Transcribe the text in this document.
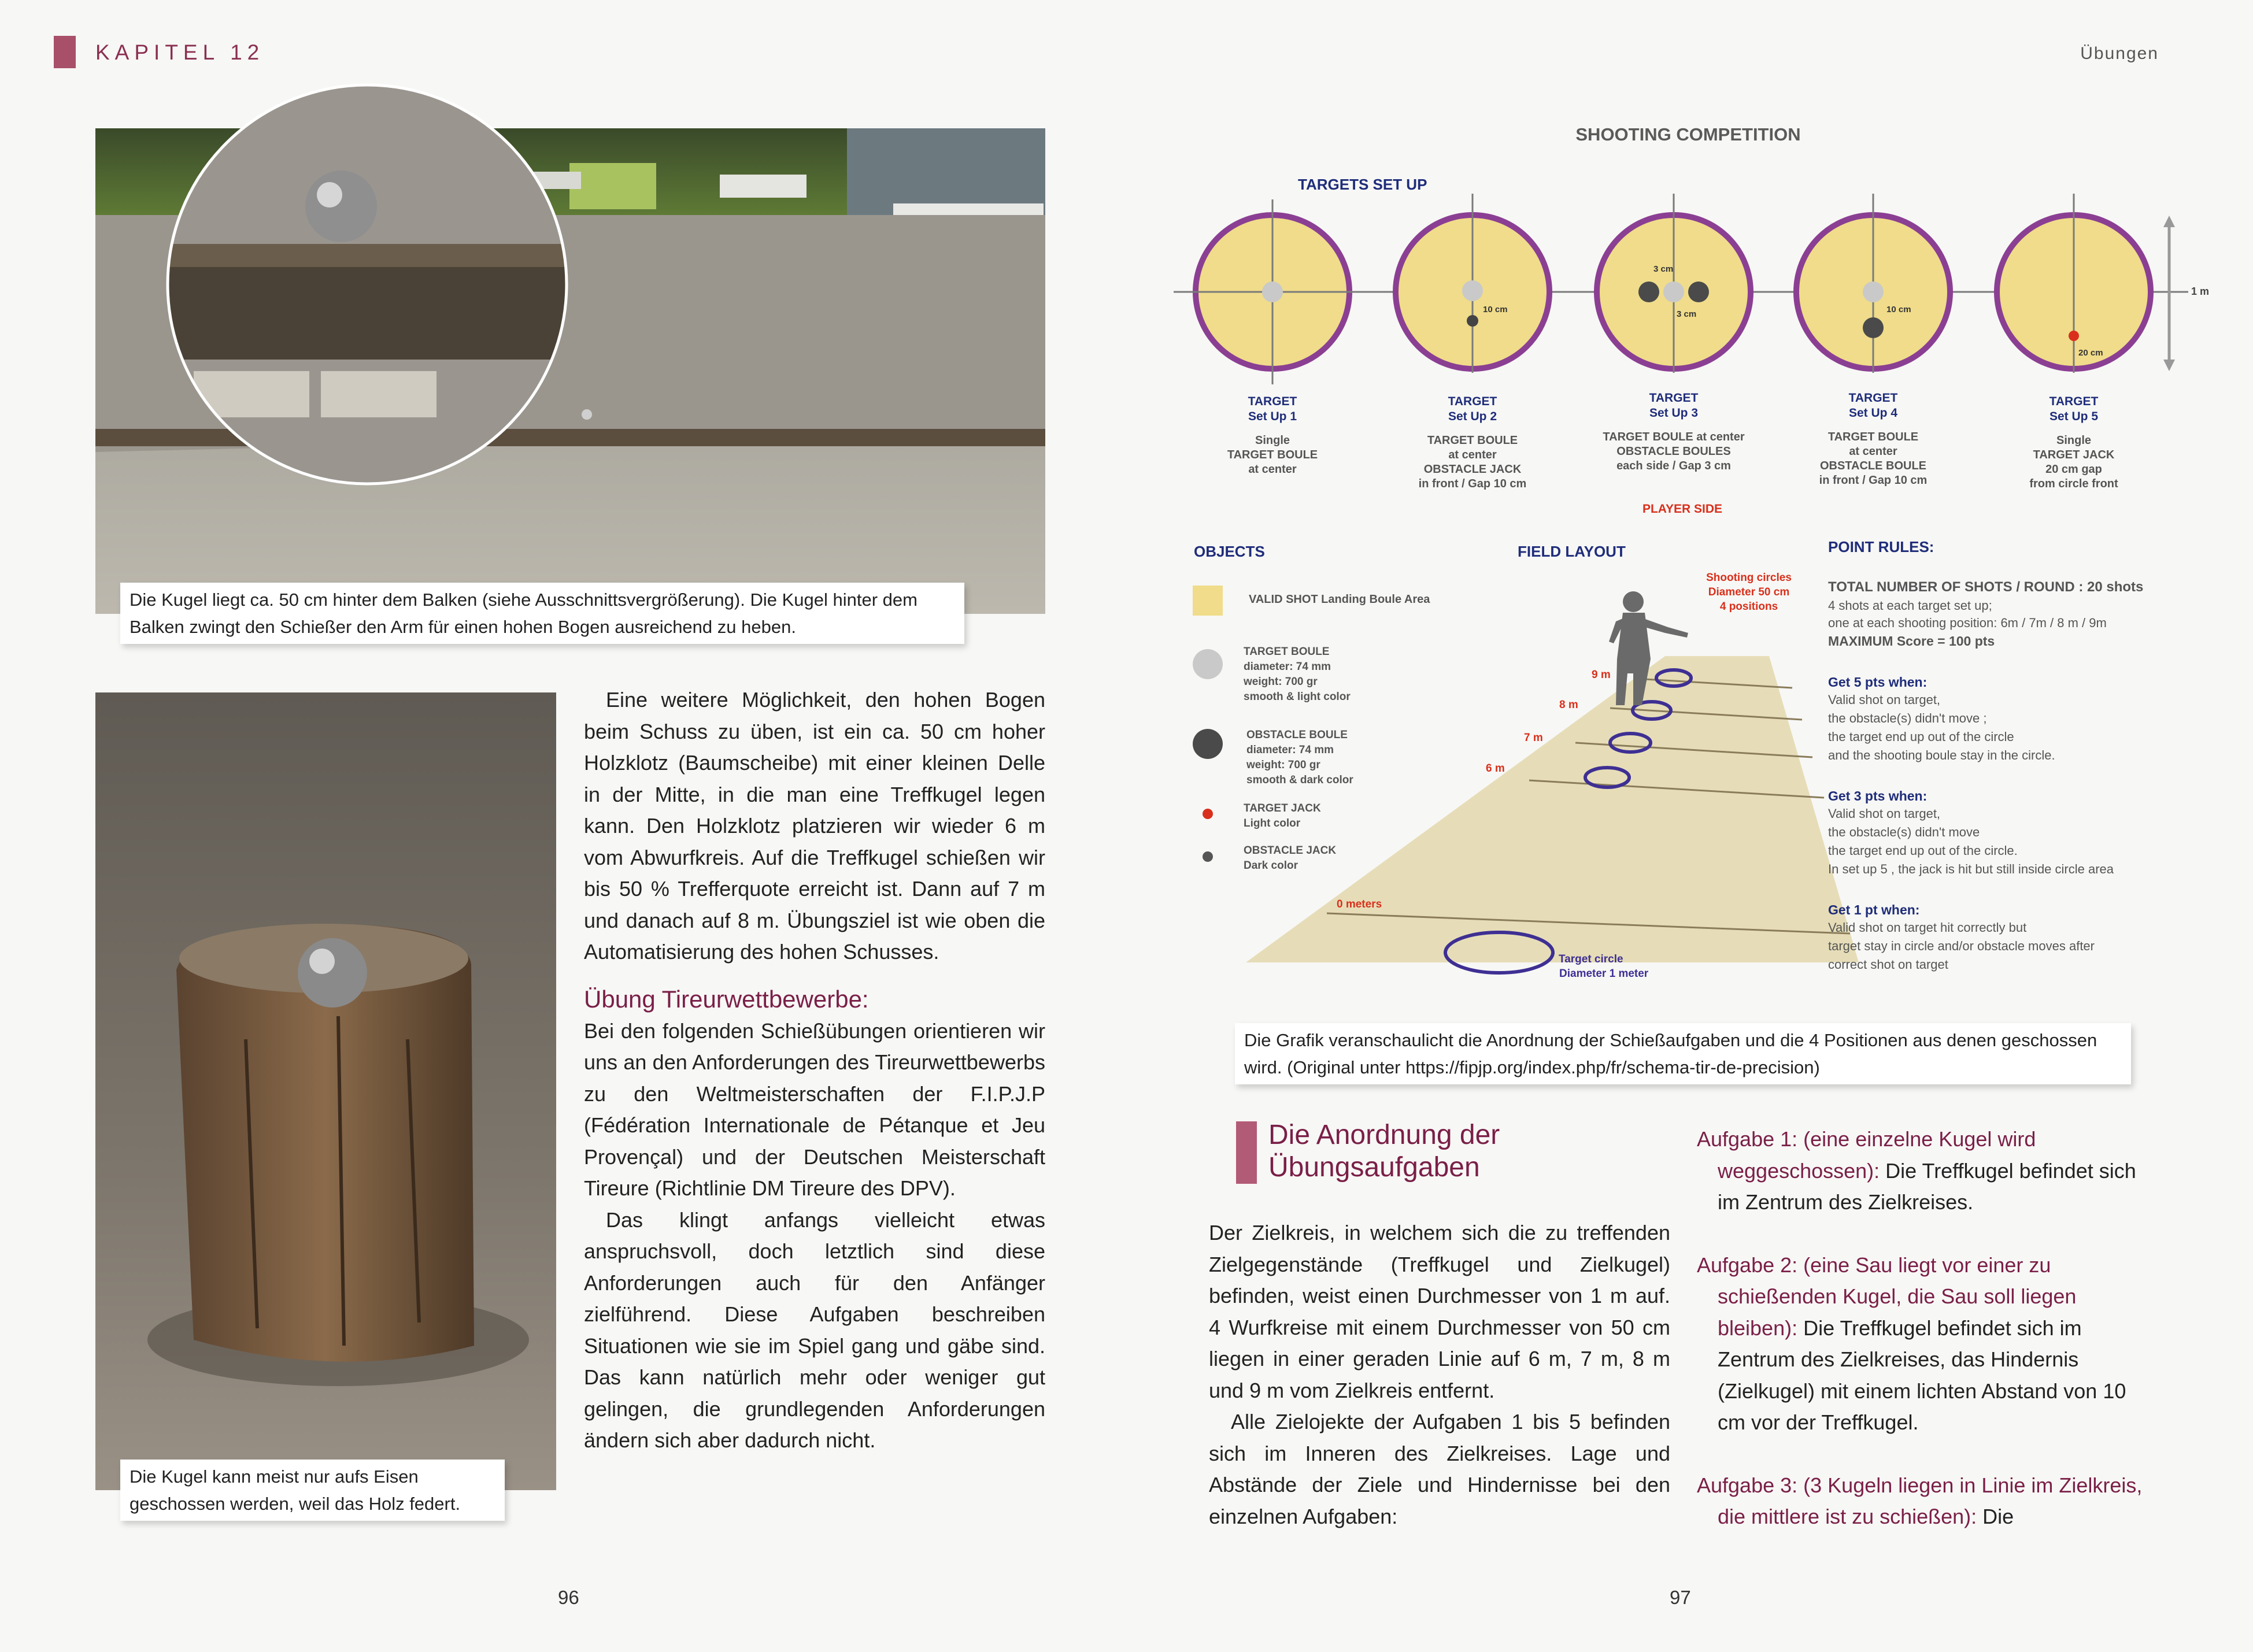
KAPITEL 12
Die Kugel liegt ca. 50 cm hinter dem Balken (siehe Ausschnittsvergrößerung). Die Kugel hinter dem Balken zwingt den Schießer den Arm für einen hohen Bogen ausreichend zu heben.
Die Kugel kann meist nur aufs Eisen geschossen werden, weil das Holz federt.

Eine weitere Möglichkeit, den hohen Bogen beim Schuss zu üben, ist ein ca. 50 cm hoher Holzklotz (Baumscheibe) mit einer kleinen Delle in der Mitte, in die man eine Treffkugel legen kann. Den Holzklotz platzieren wir wieder 6 m vom Abwurfkreis. Auf die Treffkugel schießen wir bis 50 % Trefferquote erreicht ist. Dann auf 7 m und danach auf 8 m. Übungsziel ist wie oben die Automatisierung des hohen Schusses.

Übung Tireurwettbewerbe:

Bei den folgenden Schießübungen orientieren wir uns an den Anforderungen des Tireurwettbewerbs zu den Weltmeisterschaften der F.I.P.J.P (Fédération Internationale de Pétanque et Jeu Provençal) und der Deutschen Meisterschaft Tireure (Richtlinie DM Tireure des DPV).

Das klingt anfangs vielleicht etwas anspruchsvoll, doch letztlich sind diese Anforderungen auch für den Anfänger zielführend. Diese Aufgaben beschreiben Situationen wie sie im Spiel gang und gäbe sind. Das kann natürlich mehr oder weniger gut gelingen, die grundlegenden Anforderungen ändern sich aber dadurch nicht.

96
Übungen
97
SHOOTING COMPETITION
TARGETS SET UP
10 cm
3 cm
3 cm	10 cm
20 cm
1 m
TARGET
Set Up 1
Single
TARGET BOULE
at center
TARGET
Set Up 2
TARGET BOULE
at center
OBSTACLE JACK
in front / Gap 10 cm
TARGET
Set Up 3
TARGET BOULE at center
OBSTACLE BOULES
each side / Gap 3 cm
TARGET
Set Up 4
TARGET BOULE
at center
OBSTACLE BOULE
in front / Gap 10 cm
TARGET
Set Up 5
Single
TARGET JACK
20 cm gap
from circle front
PLAYER SIDE
OBJECTS	FIELD LAYOUT	POINT RULES:
VALID SHOT Landing Boule Area
TARGET BOULE
diameter: 74 mm
weight: 700 gr
smooth & light color
OBSTACLE BOULE
diameter: 74 mm
weight: 700 gr
smooth & dark color
TARGET JACK
Light color
OBSTACLE JACK
Dark color
Shooting circles
Diameter 50 cm
4 positions
9 m
8 m
7 m
6 m
0 meters
Target circle
Diameter 1 meter
TOTAL NUMBER OF SHOTS / ROUND : 20 shots
4 shots at each target set up;
one at each shooting position: 6m / 7m / 8 m / 9m
MAXIMUM Score = 100 pts
Get 5 pts when:
Valid shot on target,
the obstacle(s) didn't move ;
the target end up out of the circle
and the shooting boule stay in the circle.
Get 3 pts when:
Valid shot on target,
the obstacle(s) didn't move
the target end up out of the circle.
In set up 5 , the jack is hit but still inside circle area
Get 1 pt when:
Valid shot on target hit correctly but
target stay in circle and/or obstacle moves after
correct shot on target
Die Grafik veranschaulicht die Anordnung der Schießaufgaben und die 4 Positionen aus denen geschossen wird. (Original unter https://fipjp.org/index.php/fr/schema-tir-de-precision)
Die Anordnung der Übungsaufgaben

Der Zielkreis, in welchem sich die zu treffenden Zielgegenstände (Treffkugel und Zielkugel) befinden, weist einen Durchmesser von 1 m auf. 4 Wurfkreise mit einem Durchmesser von 50 cm liegen in einer geraden Linie auf 6 m, 7 m, 8 m und 9 m vom Zielkreis entfernt.

Alle Zielojekte der Aufgaben 1 bis 5 befinden sich im Inneren des Zielkreises. Lage und Abstände der Ziele und Hindernisse bei den einzelnen Aufgaben:

Aufgabe 1: (eine einzelne Kugel wird weggeschossen): Die Treffkugel befindet sich im Zentrum des Zielkreises.
Aufgabe 2: (eine Sau liegt vor einer zu schießenden Kugel, die Sau soll liegen bleiben): Die Treffkugel befindet sich im Zentrum des Zielkreises, das Hindernis (Zielkugel) mit einem lichten Abstand von 10 cm vor der Treffkugel.
Aufgabe 3: (3 Kugeln liegen in Linie im Zielkreis, die mittlere ist zu schießen): Die
